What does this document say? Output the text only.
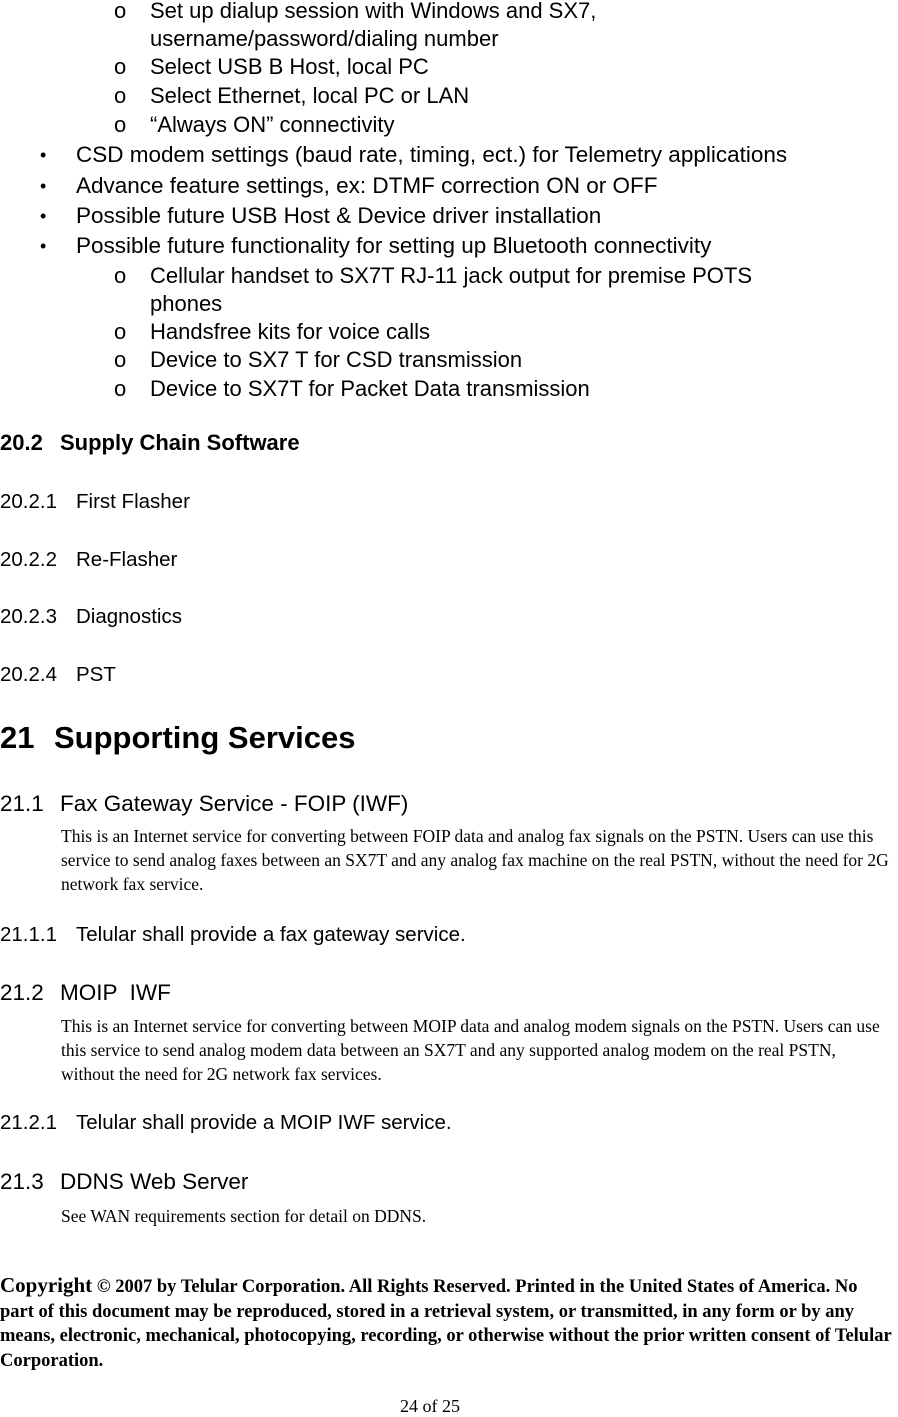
o Set up dialup session with Windows and SX7,
username/password/dialing number
o Select USB B Host, local PC
o Select Ethernet, local PC or LAN
o “Always ON” connectivity
• CSD modem settings (baud rate, timing, ect.) for Telemetry applications
• Advance feature settings, ex: DTMF correction ON or OFF
• Possible future USB Host & Device driver installation
• Possible future functionality for setting up Bluetooth connectivity
o Cellular handset to SX7T RJ-11 jack output for premise POTS
phones
o Handsfree kits for voice calls
o Device to SX7 T for CSD transmission
o Device to SX7T for Packet Data transmission
20.2 Supply Chain Software
20.2.1 First Flasher
20.2.2 Re-Flasher
20.2.3 Diagnostics
20.2.4 PST
21 Supporting Services
21.1 Fax Gateway Service - FOIP (IWF)
This is an Internet service for converting between FOIP data and analog fax signals on the PSTN. Users can use this service to send analog faxes between an SX7T and any analog fax machine on the real PSTN, without the need for 2G network fax service.
21.1.1 Telular shall provide a fax gateway service.
21.2 MOIP  IWF
This is an Internet service for converting between MOIP data and analog modem signals on the PSTN. Users can use this service to send analog modem data between an SX7T and any supported analog modem on the real PSTN, without the need for 2G network fax services.
21.2.1 Telular shall provide a MOIP IWF service.
21.3 DDNS Web Server
See WAN requirements section for detail on DDNS.
Copyright © 2007 by Telular Corporation. All Rights Reserved. Printed in the United States of America. No part of this document may be reproduced, stored in a retrieval system, or transmitted, in any form or by any means, electronic, mechanical, photocopying, recording, or otherwise without the prior written consent of Telular Corporation.
24 of 25
